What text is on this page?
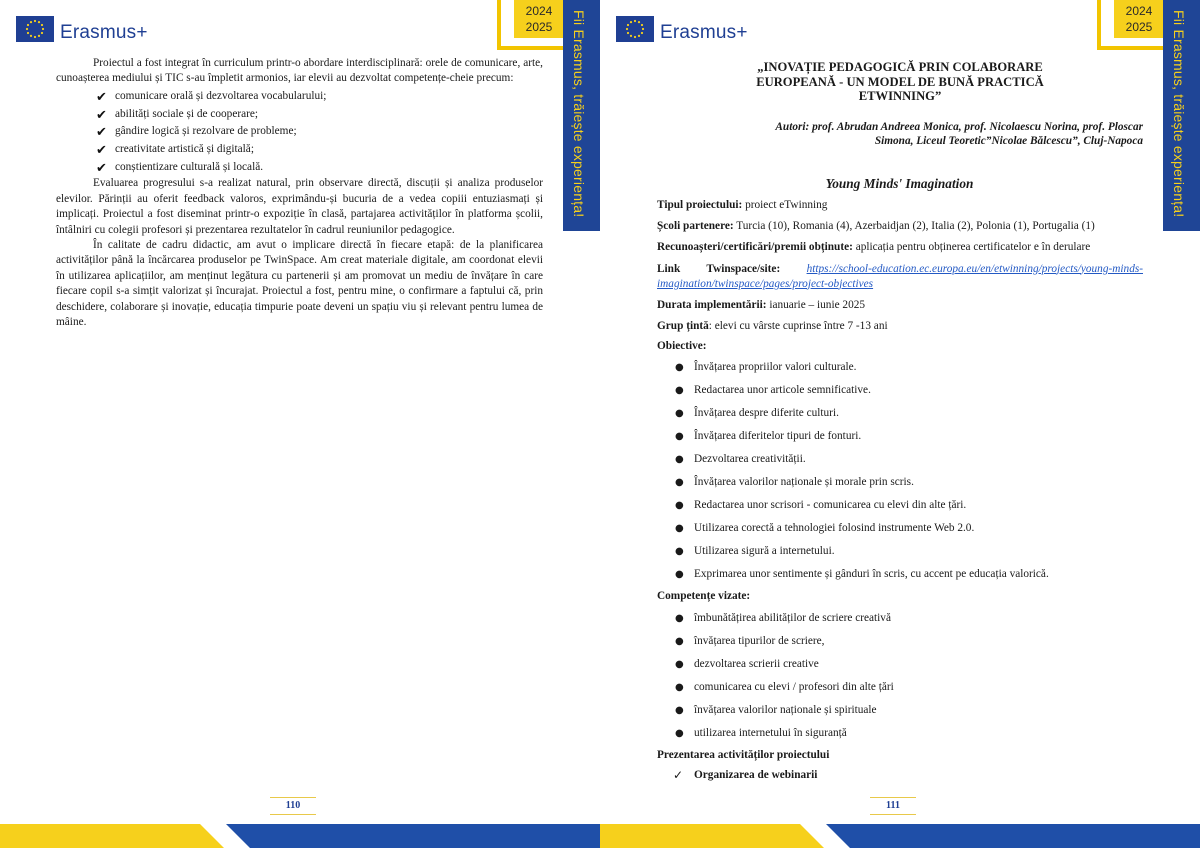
Erasmus+
2024
2025	Fii Erasmus, trăiește experiența!

Proiectul a fost integrat în curriculum printr-o abordare interdisciplinară: orele de comunicare, arte, cunoașterea mediului și TIC s-au împletit armonios, iar elevii au dezvoltat competențe-cheie precum:

✔ comunicare orală și dezvoltarea vocabularului;
✔ abilități sociale și de cooperare;
✔ gândire logică și rezolvare de probleme;
✔ creativitate artistică și digitală;
✔ conștientizare culturală și locală.

Evaluarea progresului s-a realizat natural, prin observare directă, discuții și analiza produselor elevilor. Părinții au oferit feedback valoros, exprimându-și bucuria de a vedea copiii entuziasmați și implicați. Proiectul a fost diseminat printr-o expoziție în clasă, partajarea activităților în platforma școlii, întâlniri cu colegii profesori și prezentarea rezultatelor în cadrul reuniunilor pedagogice.

În calitate de cadru didactic, am avut o implicare directă în fiecare etapă: de la planificarea activităților până la încărcarea produselor pe TwinSpace. Am creat materiale digitale, am coordonat elevii în utilizarea aplicațiilor, am menținut legătura cu partenerii și am promovat un mediu de învățare în care fiecare copil s-a simțit valorizat și încurajat. Proiectul a fost, pentru mine, o confirmare a faptului că, prin deschidere, colaborare și inovație, educația timpurie poate deveni un spațiu viu și relevant pentru lumea de mâine.

110
Erasmus+
2024
2025	Fii Erasmus, trăiește experiența!
„INOVAȚIE PEDAGOGICĂ PRIN COLABORARE
EUROPEANĂ - UN MODEL DE BUNĂ PRACTICĂ
ETWINNING”
Autori: prof. Abrudan Andreea Monica, prof. Nicolaescu Norina, prof. Ploscar Simona, Liceul Teoretic”Nicolae Bălcescu”, Cluj-Napoca
Young Minds' Imagination
Tipul proiectului: proiect eTwinning
Școli partenere: Turcia (10), Romania (4), Azerbaidjan (2), Italia (2), Polonia (1), Portugalia (1)
Recunoașteri/certificări/premii obținute: aplicația pentru obținerea certificatelor e în derulare
Link   Twinspace/site: https://school-education.ec.europa.eu/en/etwinning/projects/young-minds-imagination/twinspace/pages/project-objectives
Durata implementării: ianuarie – iunie 2025
Grup țintă: elevi cu vârste cuprinse între 7 -13 ani
Obiective:
● Învățarea propriilor valori culturale.
● Redactarea unor articole semnificative.
● Învățarea despre diferite culturi.
● Învățarea diferitelor tipuri de fonturi.
● Dezvoltarea creativității.
● Învățarea valorilor naționale și morale prin scris.
● Redactarea unor scrisori - comunicarea cu elevi din alte țări.
● Utilizarea corectă a tehnologiei folosind instrumente Web 2.0.
● Utilizarea sigură a internetului.
● Exprimarea unor sentimente și gânduri în scris, cu accent pe educația valorică.
Competențe vizate:
● îmbunătățirea abilităților de scriere creativă
● învățarea tipurilor de scriere,
● dezvoltarea scrierii creative
● comunicarea cu elevi / profesori din alte țări
● învățarea valorilor naționale și spirituale
● utilizarea internetului în siguranță
Prezentarea activităților proiectului
✓ Organizarea de webinarii
111
